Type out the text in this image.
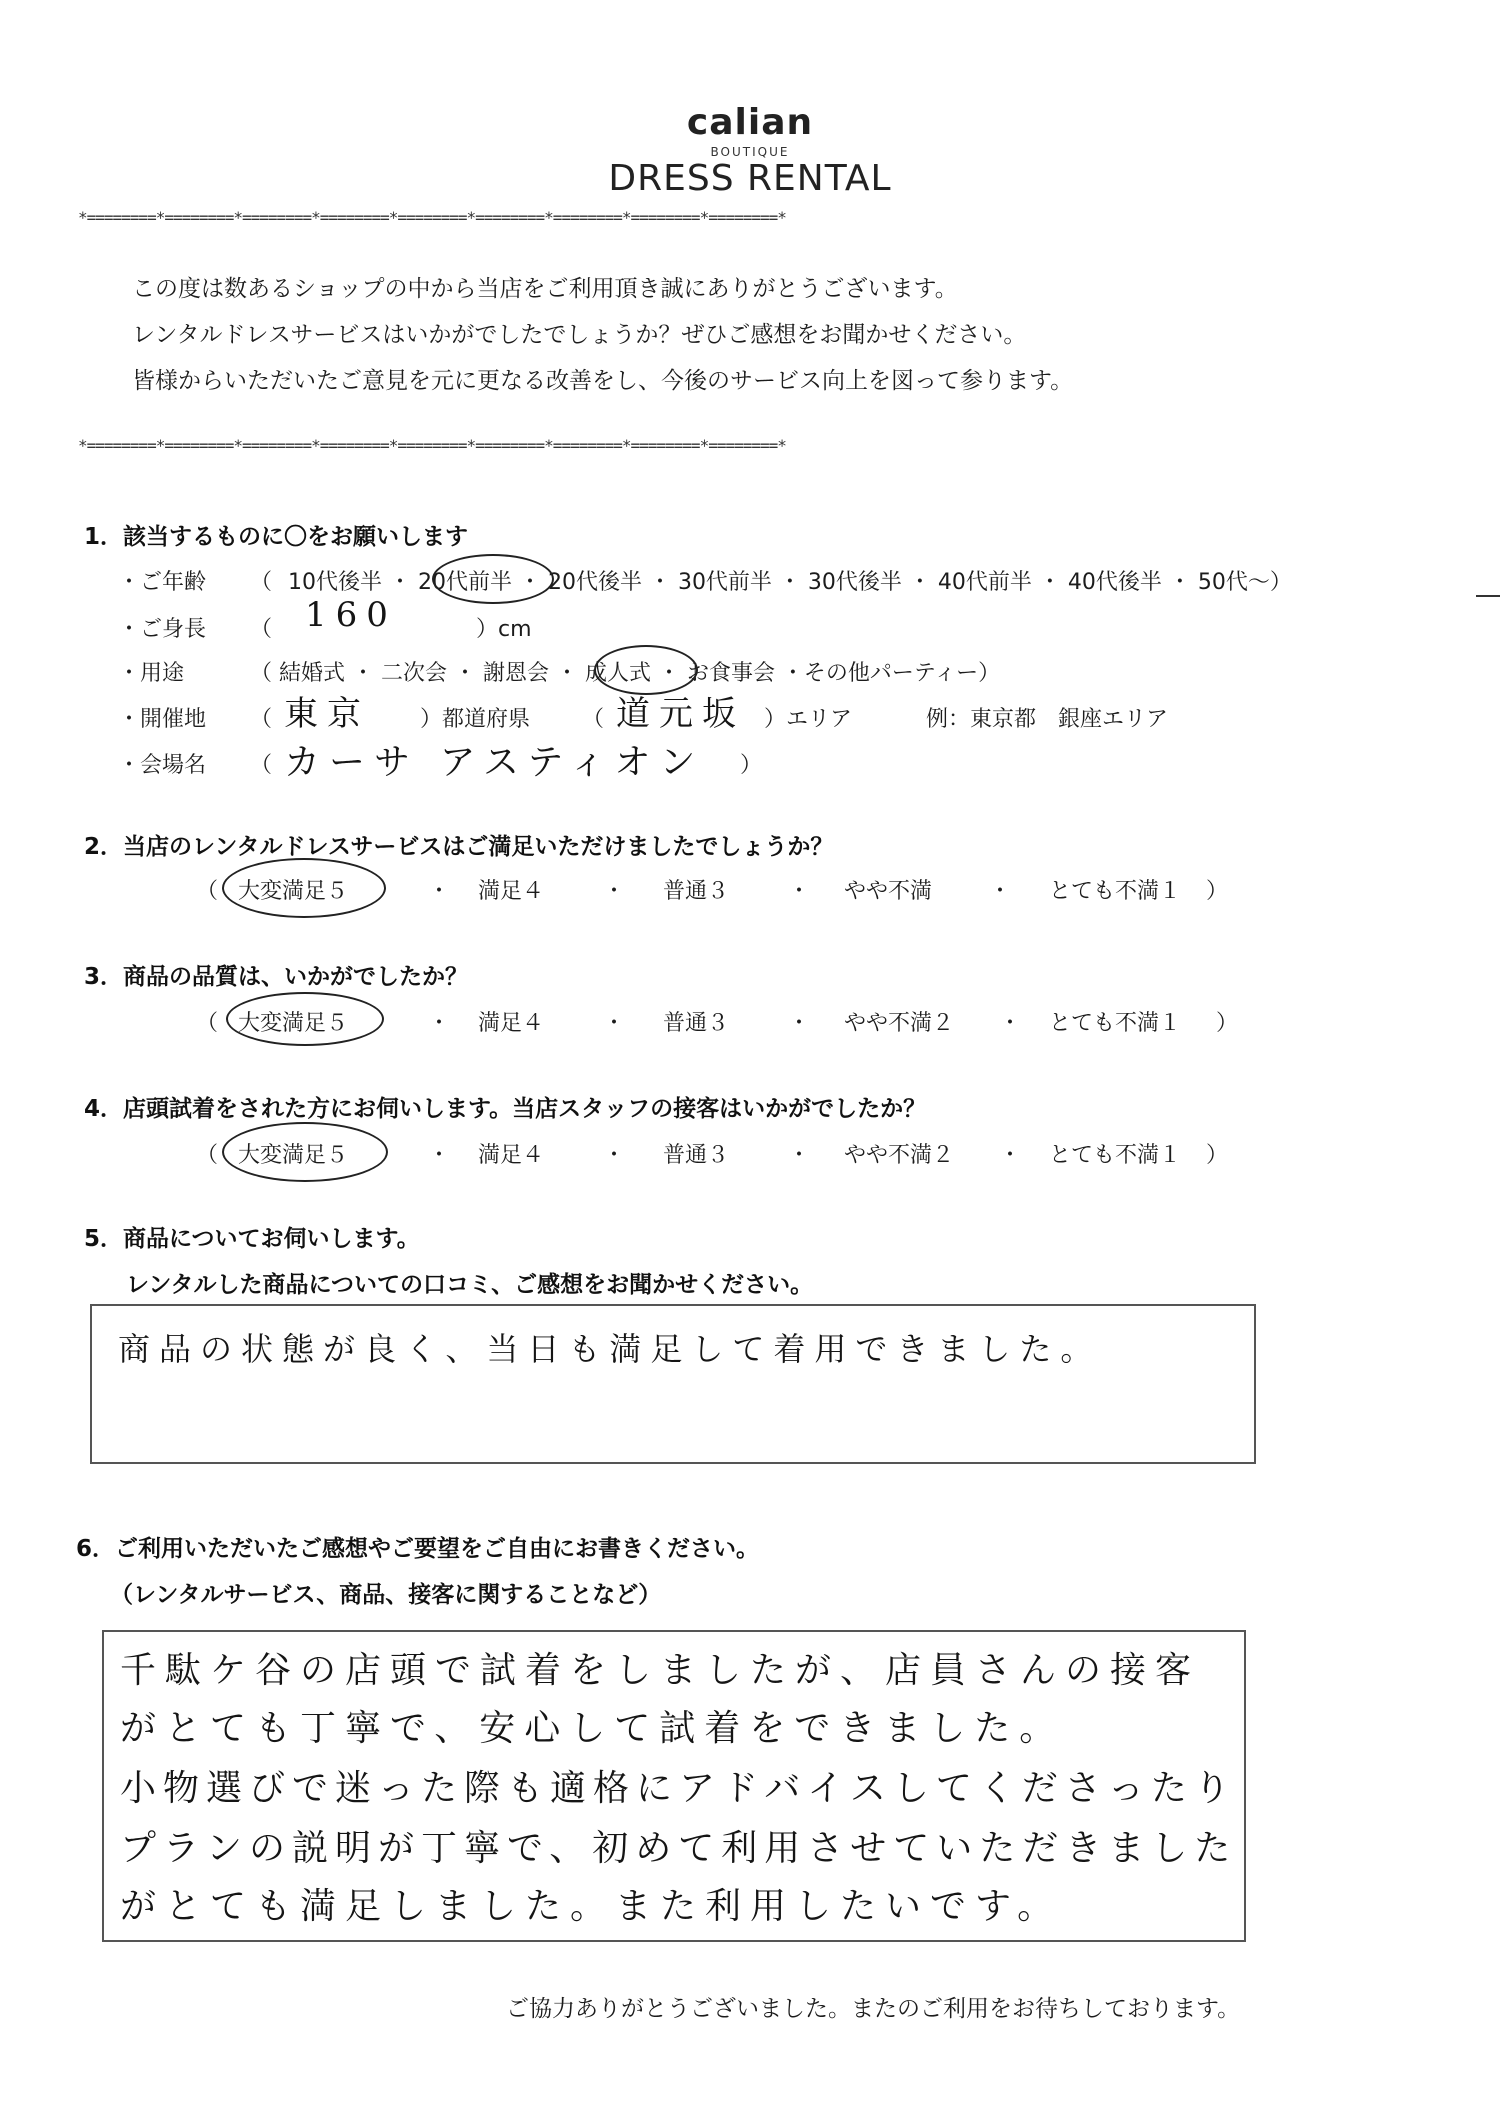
calian
BOUTIQUE
DRESS RENTAL
*========*========*========*========*========*========*========*========*========*
この度は数あるショップの中から当店をご利用頂き誠にありがとうございます。
レンタルドレスサービスはいかがでしたでしょうか？ぜひご感想をお聞かせください。
皆様からいただいたご意見を元に更なる改善をし、今後のサービス向上を図って参ります。
*========*========*========*========*========*========*========*========*========*
1．該当するものに〇をお願いします
・ご年齢 （ 10代後半 ・ 20代前半 ・ 20代後半 ・ 30代前半 ・ 30代後半 ・ 40代前半 ・ 40代後半 ・ 50代～）
・ご身長 （ 160	）cm
・用途	（ 結婚式 ・ 二次会 ・ 謝恩会 ・ 成人式 ・ お食事会 ・その他パーティー）
・開催地 （ 東京 ）都道府県 （ 道元坂 ）エリア	例：東京都　銀座エリア
・会場名 （ カーサ アスティオン ）
2．当店のレンタルドレスサービスはご満足いただけましたでしょうか？
（ 大変満足５	・	満足４	・	普通３	・	やや不満	・	とても不満１	）
3．商品の品質は、いかがでしたか？
（ 大変満足５	・	満足４	・	普通３	・	やや不満２	・	とても不満１	）
4．店頭試着をされた方にお伺いします。当店スタッフの接客はいかがでしたか？
（ 大変満足５	・	満足４	・	普通３	・	やや不満２	・	とても不満１	）
5．商品についてお伺いします。
レンタルした商品についての口コミ、ご感想をお聞かせください。
商品の状態が良く、当日も満足して着用できました。
6．ご利用いただいたご感想やご要望をご自由にお書きください。
（レンタルサービス、商品、接客に関することなど）
千駄ケ谷の店頭で試着をしましたが、店員さんの接客
がとても丁寧で、安心して試着をできました。
小物選びで迷った際も適格にアドバイスしてくださったり
プランの説明が丁寧で、初めて利用させていただきました
がとても満足しました。また利用したいです。
ご協力ありがとうございました。またのご利用をお待ちしております。
